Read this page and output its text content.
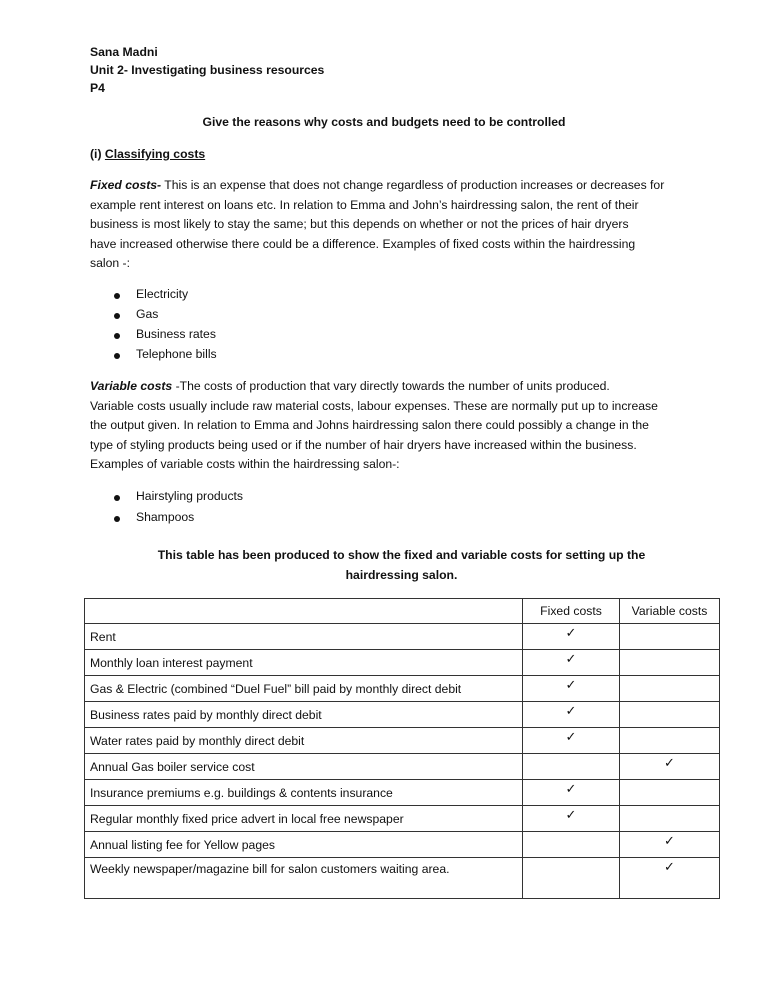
Sana Madni
Unit 2- Investigating business resources
P4
Give the reasons why costs and budgets need to be controlled
(i) Classifying costs
Fixed costs- This is an expense that does not change regardless of production increases or decreases for
example rent interest on loans etc. In relation to Emma and John’s hairdressing salon, the rent of their
business is most likely to stay the same; but this depends on whether or not the prices of hair dryers
have increased otherwise there could be a difference. Examples of fixed costs within the hairdressing
salon -:
Electricity
Gas
Business rates
Telephone bills
Variable costs -The costs of production that vary directly towards the number of units produced.
Variable costs usually include raw material costs, labour expenses. These are normally put up to increase
the output given. In relation to Emma and Johns hairdressing salon there could possibly a change in the
type of styling products being used or if the number of hair dryers have increased within the business.
Examples of variable costs within the hairdressing salon-:
Hairstyling products
Shampoos
This table has been produced to show the fixed and variable costs for setting up the
hairdressing salon.
	Fixed costs	Variable costs
Rent	✓	
Monthly loan interest payment	✓	
Gas & Electric (combined “Duel Fuel” bill paid by monthly direct debit	✓	
Business rates paid by monthly direct debit	✓	
Water rates paid by monthly direct debit	✓	
Annual Gas boiler service cost		✓
Insurance premiums e.g. buildings & contents insurance	✓	
Regular monthly fixed price advert in local free newspaper	✓	
Annual listing fee for Yellow pages		✓
Weekly newspaper/magazine bill for salon customers waiting area.		✓
